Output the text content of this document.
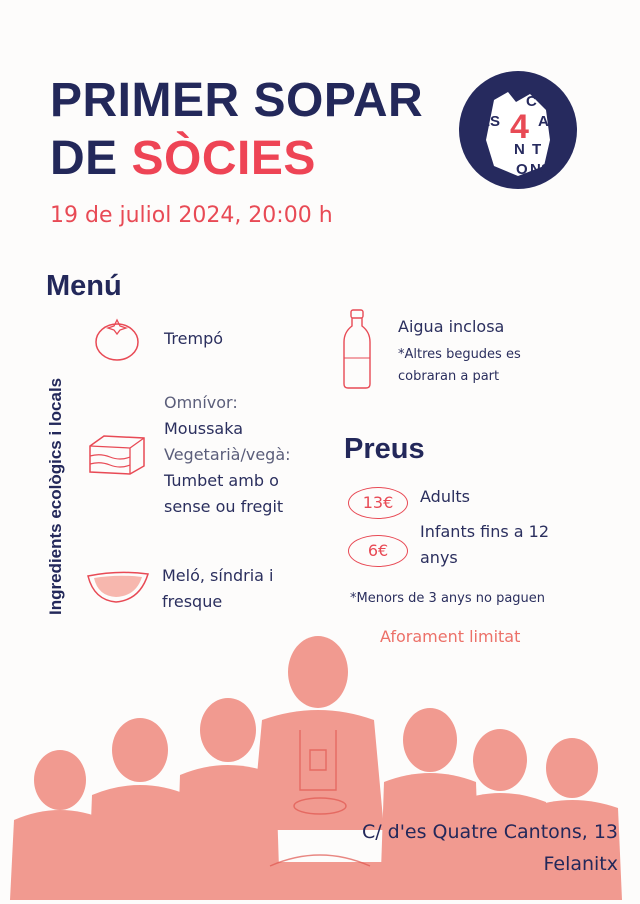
PRIMER SOPAR
DE SÒCIES
ES 4
C
A
N T
O NS
19 de juliol 2024, 20:00 h
Menú
Ingredients ecològics i locals
Trempó
Omnívor:
Moussaka
Vegetarià/vegà:
Tumbet amb o
sense ou fregit
Meló, síndria i
fresque
Aigua inclosa
*Altres begudes es
cobraran a part
Preus
13€	Adults
6€
Infants fins a 12
anys
*Menors de 3 anys no paguen
Aforament limitat
C/ d'es Quatre Cantons, 13
Felanitx
